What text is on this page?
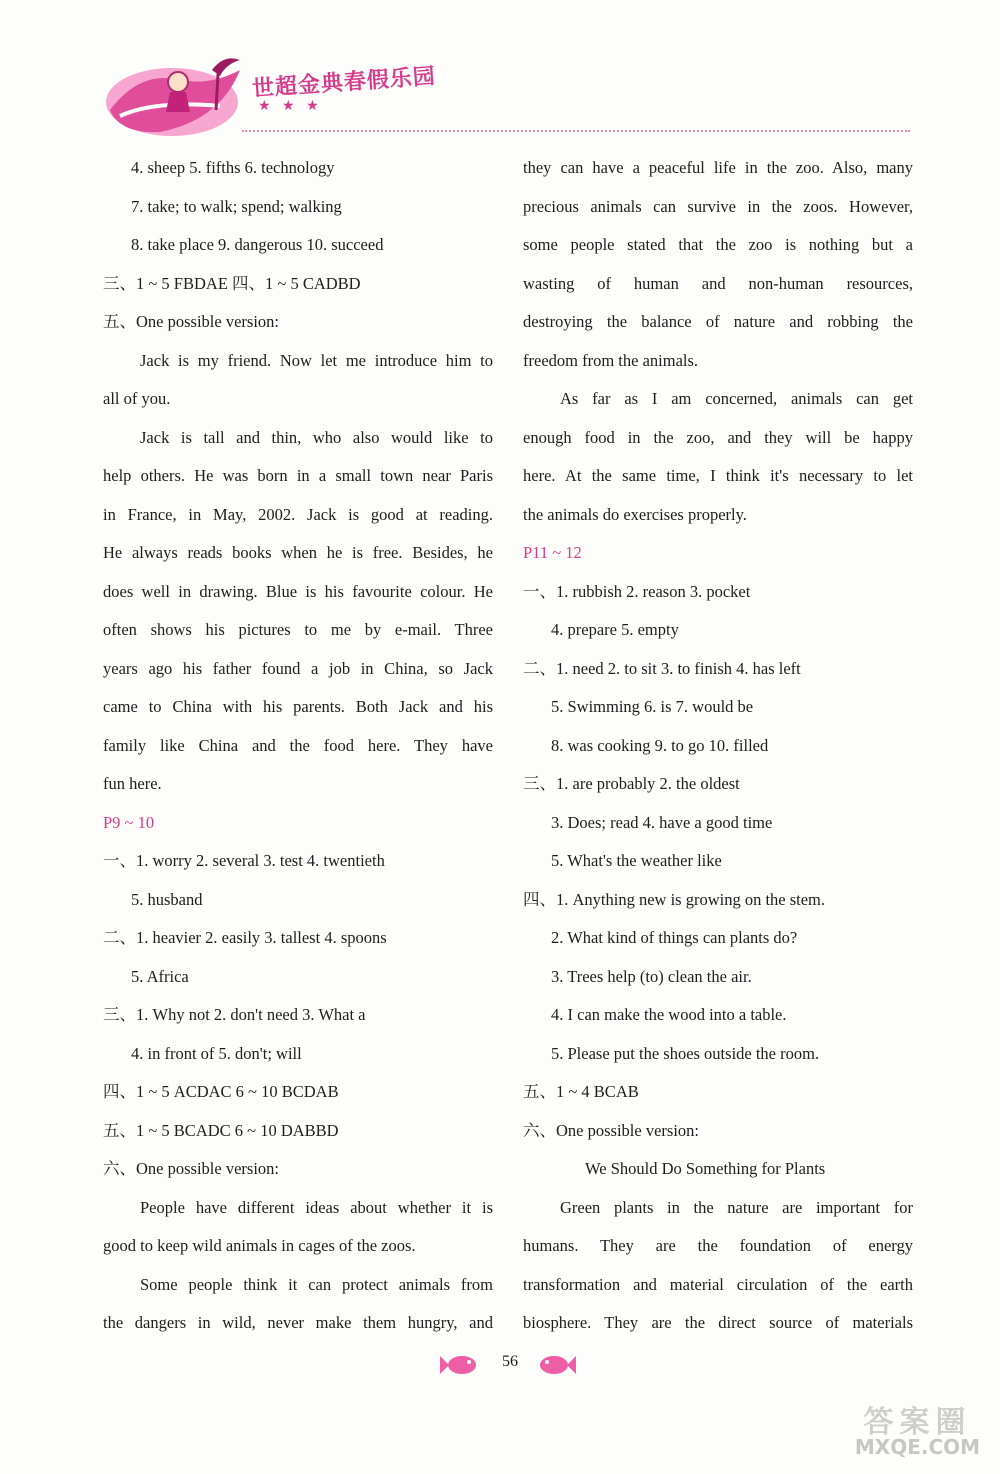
世超金典春假乐园
★ ★ ★
4. sheep 5. fifths 6. technology
7. take; to walk; spend; walking
8. take place 9. dangerous 10. succeed
三、1 ~ 5 FBDAE 四、1 ~ 5 CADBD
五、One possible version:
Jack is my friend. Now let me introduce him to
all of you.
Jack is tall and thin, who also would like to
help others. He was born in a small town near Paris
in France, in May, 2002. Jack is good at reading.
He always reads books when he is free. Besides, he
does well in drawing. Blue is his favourite colour. He
often shows his pictures to me by e-mail. Three
years ago his father found a job in China, so Jack
came to China with his parents. Both Jack and his
family like China and the food here. They have
fun here.
P9 ~ 10
一、1. worry 2. several 3. test 4. twentieth
5. husband
二、1. heavier 2. easily 3. tallest 4. spoons
5. Africa
三、1. Why not 2. don't need 3. What a
4. in front of 5. don't; will
四、1 ~ 5 ACDAC 6 ~ 10 BCDAB
五、1 ~ 5 BCADC 6 ~ 10 DABBD
六、One possible version:
People have different ideas about whether it is
good to keep wild animals in cages of the zoos.
Some people think it can protect animals from
the dangers in wild, never make them hungry, and
they can have a peaceful life in the zoo. Also, many
precious animals can survive in the zoos. However,
some people stated that the zoo is nothing but a
wasting of human and non-human resources,
destroying the balance of nature and robbing the
freedom from the animals.
As far as I am concerned, animals can get
enough food in the zoo, and they will be happy
here. At the same time, I think it's necessary to let
the animals do exercises properly.
P11 ~ 12
一、1. rubbish 2. reason 3. pocket
4. prepare 5. empty
二、1. need 2. to sit 3. to finish 4. has left
5. Swimming 6. is 7. would be
8. was cooking 9. to go 10. filled
三、1. are probably 2. the oldest
3. Does; read 4. have a good time
5. What's the weather like
四、1. Anything new is growing on the stem.
2. What kind of things can plants do?
3. Trees help (to) clean the air.
4. I can make the wood into a table.
5. Please put the shoes outside the room.
五、1 ~ 4 BCAB
六、One possible version:
We Should Do Something for Plants
Green plants in the nature are important for
humans. They are the foundation of energy
transformation and material circulation of the earth
biosphere. They are the direct source of materials
56
答案圈
MXQE.COM
